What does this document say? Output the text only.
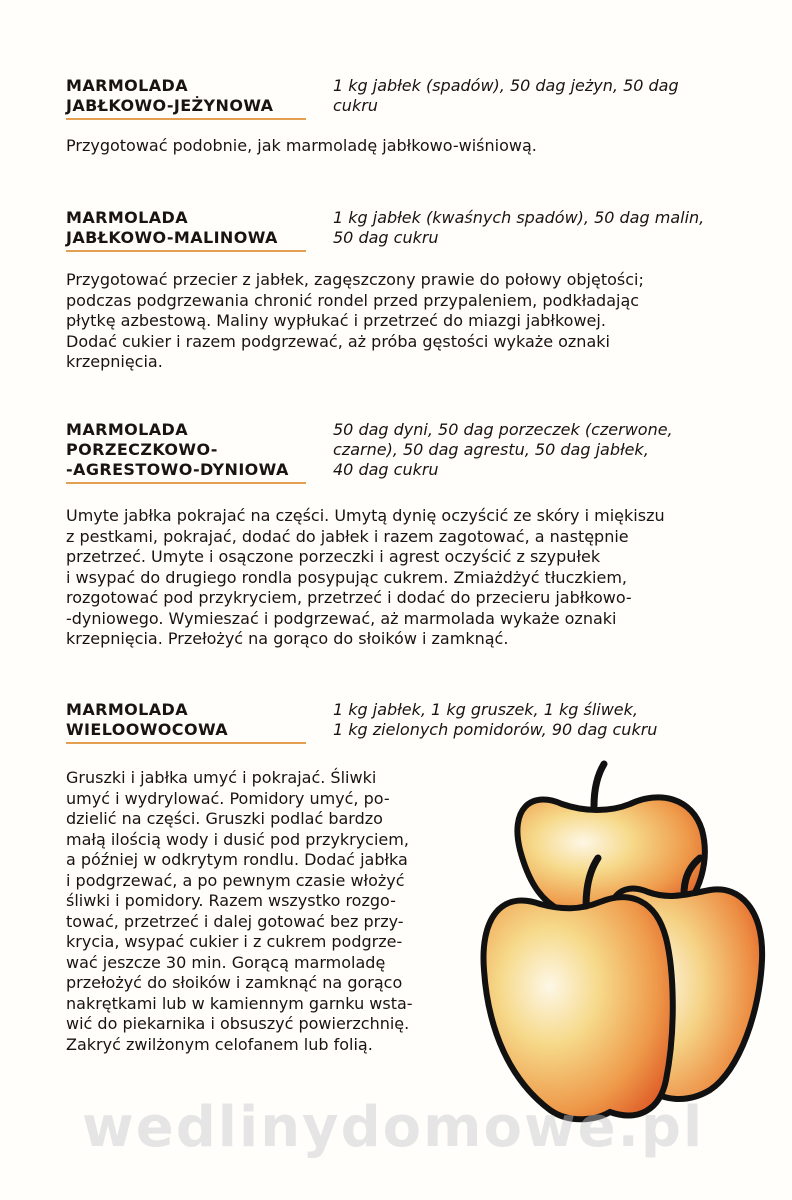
MARMOLADA
JABŁKOWO-JEŻYNOWA

1 kg jabłek (spadów), 50 dag jeżyn, 50 dag
cukru

Przygotować podobnie, jak marmoladę jabłkowo-wiśniową.

MARMOLADA
JABŁKOWO-MALINOWA

1 kg jabłek (kwaśnych spadów), 50 dag malin,
50 dag cukru

Przygotować przecier z jabłek, zagęszczony prawie do połowy objętości;
podczas podgrzewania chronić rondel przed przypaleniem, podkładając
płytkę azbestową. Maliny wypłukać i przetrzeć do miazgi jabłkowej.
Dodać cukier i razem podgrzewać, aż próba gęstości wykaże oznaki
krzepnięcia.

MARMOLADA
PORZECZKOWO-
-AGRESTOWO-DYNIOWA

50 dag dyni, 50 dag porzeczek (czerwone,
czarne), 50 dag agrestu, 50 dag jabłek,
40 dag cukru

Umyte jabłka pokrajać na części. Umytą dynię oczyścić ze skóry i miękiszu
z pestkami, pokrajać, dodać do jabłek i razem zagotować, a następnie
przetrzeć. Umyte i osączone porzeczki i agrest oczyścić z szypułek
i wsypać do drugiego rondla posypując cukrem. Zmiażdżyć tłuczkiem,
rozgotować pod przykryciem, przetrzeć i dodać do przecieru jabłkowo-
-dyniowego. Wymieszać i podgrzewać, aż marmolada wykaże oznaki
krzepnięcia. Przełożyć na gorąco do słoików i zamknąć.

MARMOLADA
WIELOOWOCOWA

1 kg jabłek, 1 kg gruszek, 1 kg śliwek,
1 kg zielonych pomidorów, 90 dag cukru

Gruszki i jabłka umyć i pokrajać. Śliwki
umyć i wydrylować. Pomidory umyć, po-
dzielić na części. Gruszki podlać bardzo
małą ilością wody i dusić pod przykryciem,
a później w odkrytym rondlu. Dodać jabłka
i podgrzewać, a po pewnym czasie włożyć
śliwki i pomidory. Razem wszystko rozgo-
tować, przetrzeć i dalej gotować bez przy-
krycia, wsypać cukier i z cukrem podgrze-
wać jeszcze 30 min. Gorącą marmoladę
przełożyć do słoików i zamknąć na gorąco
nakrętkami lub w kamiennym garnku wsta-
wić do piekarnika i obsuszyć powierzchnię.
Zakryć zwilżonym celofanem lub folią.

wedlinydomowe.pl
